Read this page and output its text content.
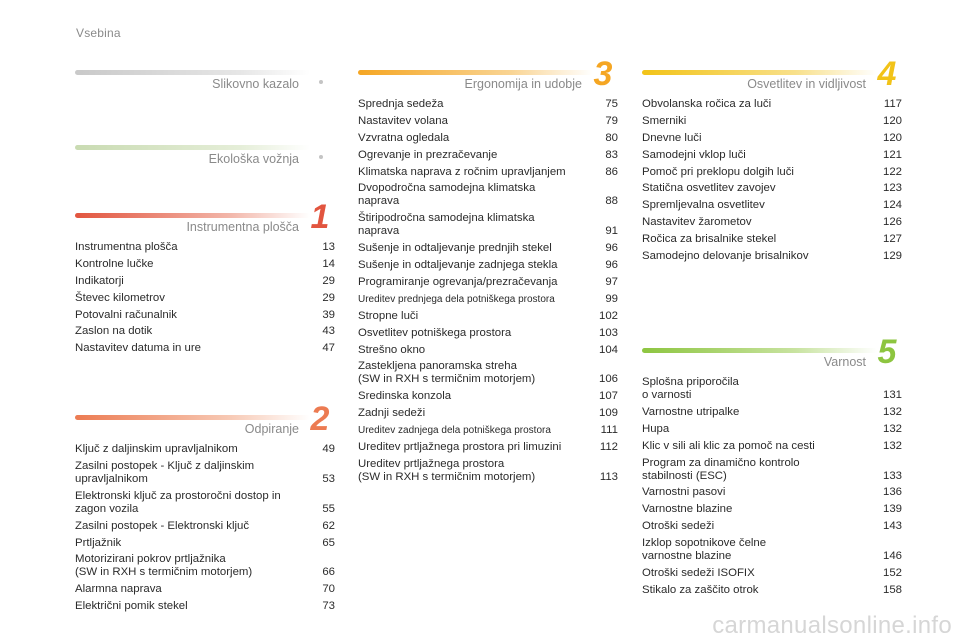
Vsebina
Slikovno kazalo
Ekološka vožnja
Instrumentna plošča 1
Instrumentna plošča	13
Kontrolne lučke	14
Indikatorji	29
Števec kilometrov	29
Potovalni računalnik	39
Zaslon na dotik	43
Nastavitev datuma in ure	47
Odpiranje 2
Ključ z daljinskim upravljalnikom	49
Zasilni postopek - Ključ z daljinskim
upravljalnikom	53
Elektronski ključ za prostoročni dostop in
zagon vozila	55
Zasilni postopek - Elektronski ključ	62
Prtljažnik	65
Motorizirani pokrov prtljažnika
(SW in RXH s termičnim motorjem)	66
Alarmna naprava	70
Električni pomik stekel	73
Ergonomija in udobje 3
Sprednja sedeža	75
Nastavitev volana	79
Vzvratna ogledala	80
Ogrevanje in prezračevanje	83
Klimatska naprava z ročnim upravljanjem	86
Dvopodročna samodejna klimatska
naprava	88
Štiripodročna samodejna klimatska
naprava	91
Sušenje in odtaljevanje prednjih stekel	96
Sušenje in odtaljevanje zadnjega stekla	96
Programiranje ogrevanja/prezračevanja	97
Ureditev prednjega dela potniškega prostora	99
Stropne luči	102
Osvetlitev potniškega prostora	103
Strešno okno	104
Zastekljena panoramska streha
(SW in RXH s termičnim motorjem)	106
Sredinska konzola	107
Zadnji sedeži	109
Ureditev zadnjega dela potniškega prostora	111
Ureditev prtljažnega prostora pri limuzini	112
Ureditev prtljažnega prostora
(SW in RXH s termičnim motorjem)	113
Osvetlitev in vidljivost 4
Obvolanska ročica za luči	117
Smerniki	120
Dnevne luči	120
Samodejni vklop luči	121
Pomoč pri preklopu dolgih luči	122
Statična osvetlitev zavojev	123
Spremljevalna osvetlitev	124
Nastavitev žarometov	126
Ročica za brisalnike stekel	127
Samodejno delovanje brisalnikov	129
Varnost 5
Splošna priporočila
o varnosti	131
Varnostne utripalke	132
Hupa	132
Klic v sili ali klic za pomoč na cesti	132
Program za dinamično kontrolo
stabilnosti (ESC)	133
Varnostni pasovi	136
Varnostne blazine	139
Otroški sedeži	143
Izklop sopotnikove čelne
varnostne blazine	146
Otroški sedeži ISOFIX	152
Stikalo za zaščito otrok	158
carmanualsonline.info
